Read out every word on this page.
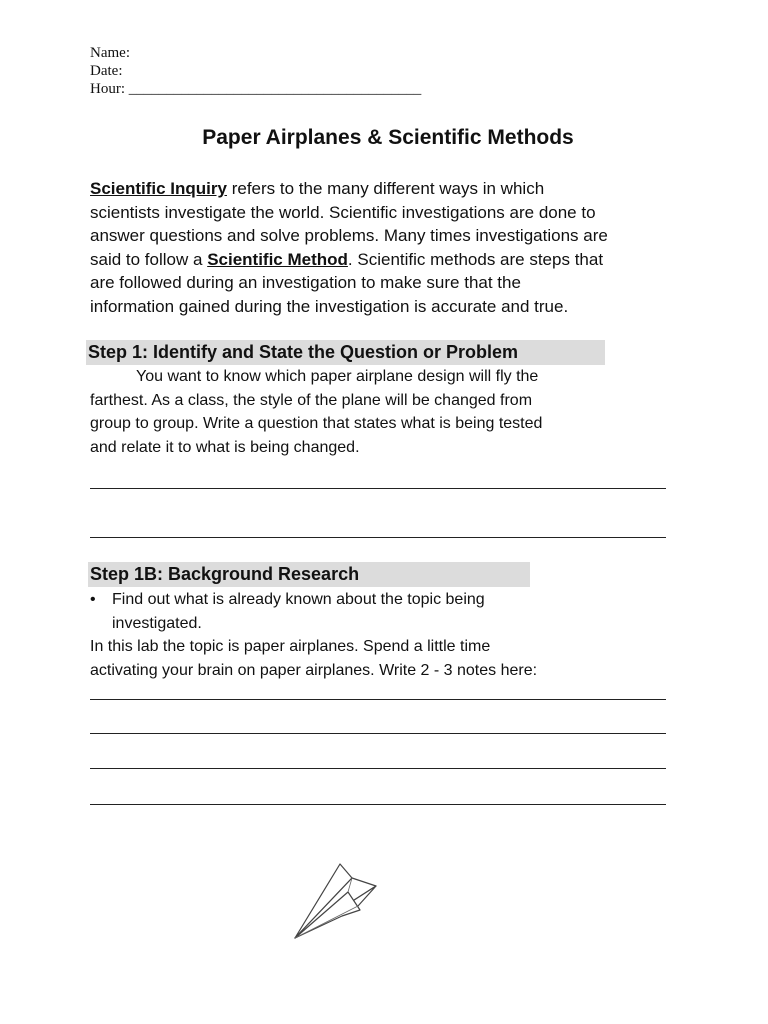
Name:
Date:
Hour: _______________________________________
Paper Airplanes & Scientific Methods

Scientific Inquiry refers to the many different ways in which

scientists investigate the world. Scientific investigations are done to

answer questions and solve problems. Many times investigations are

said to follow a Scientific Method. Scientific methods are steps that

are followed during an investigation to make sure that the

information gained during the investigation is accurate and true.

Step 1: Identify and State the Question or Problem

You want to know which paper airplane design will fly the

farthest. As a class, the style of the plane will be changed from

group to group. Write a question that states what is being tested

and relate it to what is being changed.

Step 1B: Background Research
• Find out what is already known about the topic being
investigated.

In this lab the topic is paper airplanes. Spend a little time

activating your brain on paper airplanes. Write 2 - 3 notes here:
